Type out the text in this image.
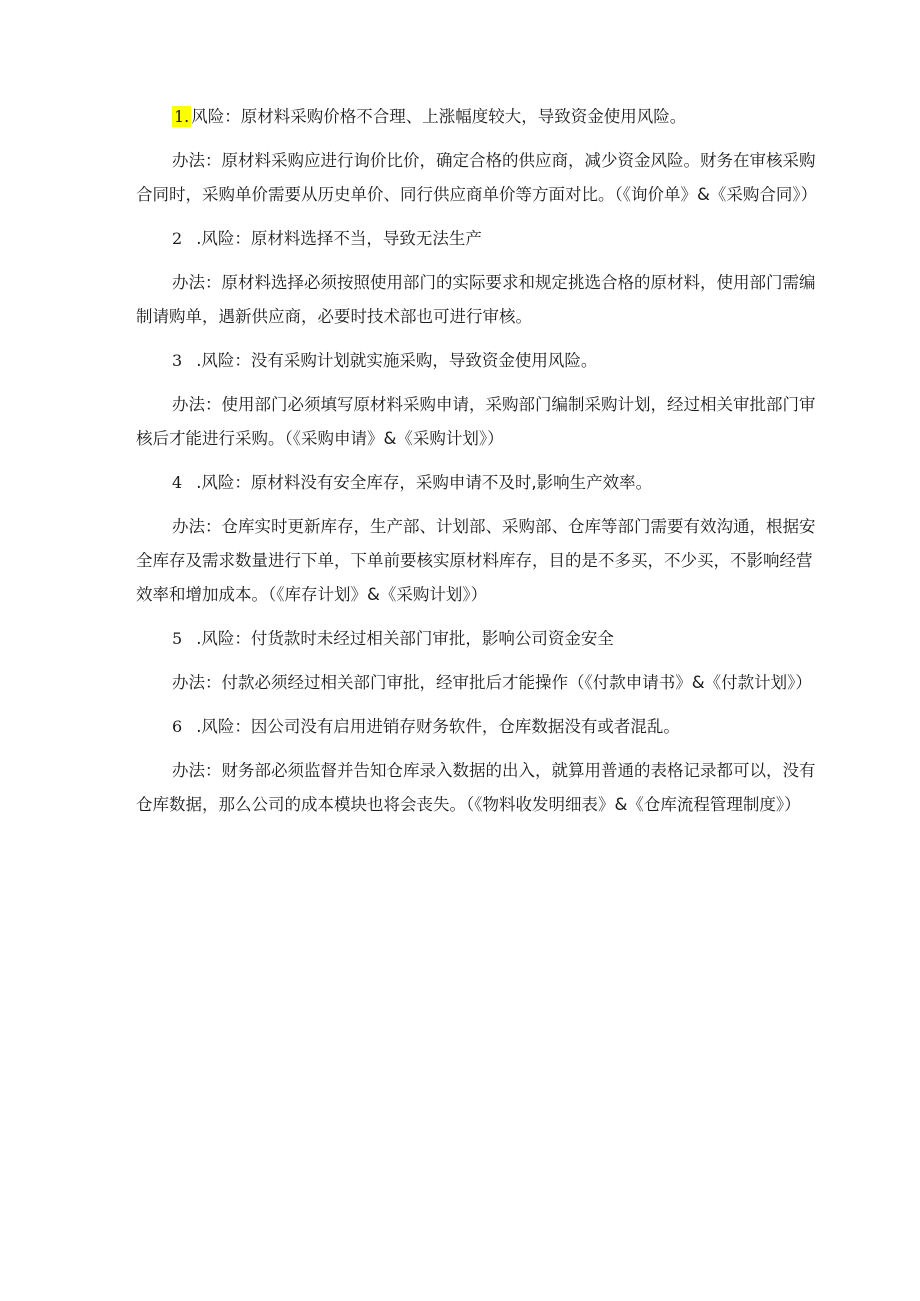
1. 风险：原材料采购价格不合理、上涨幅度较大，导致资金使用风险。

办法：原材料采购应进行询价比价，确定合格的供应商，减少资金风险。财务在审核采购合同时，采购单价需要从历史单价、同行供应商单价等方面对比。（《询价单》&《采购合同》）

2 .风险：原材料选择不当，导致无法生产

办法：原材料选择必须按照使用部门的实际要求和规定挑选合格的原材料，使用部门需编制请购单，遇新供应商，必要时技术部也可进行审核。

3 .风险：没有采购计划就实施采购，导致资金使用风险。

办法：使用部门必须填写原材料采购申请，采购部门编制采购计划，经过相关审批部门审核后才能进行采购。（《采购申请》&《采购计划》）

4 .风险：原材料没有安全库存，采购申请不及时,影响生产效率。

办法：仓库实时更新库存，生产部、计划部、采购部、仓库等部门需要有效沟通，根据安全库存及需求数量进行下单，下单前要核实原材料库存，目的是不多买，不少买，不影响经营效率和增加成本。（《库存计划》&《采购计划》）

5 .风险：付货款时未经过相关部门审批，影响公司资金安全

办法：付款必须经过相关部门审批，经审批后才能操作（《付款申请书》&《付款计划》）

6 .风险：因公司没有启用进销存财务软件，仓库数据没有或者混乱。

办法：财务部必须监督并告知仓库录入数据的出入，就算用普通的表格记录都可以，没有仓库数据，那么公司的成本模块也将会丧失。（《物料收发明细表》&《仓库流程管理制度》）
